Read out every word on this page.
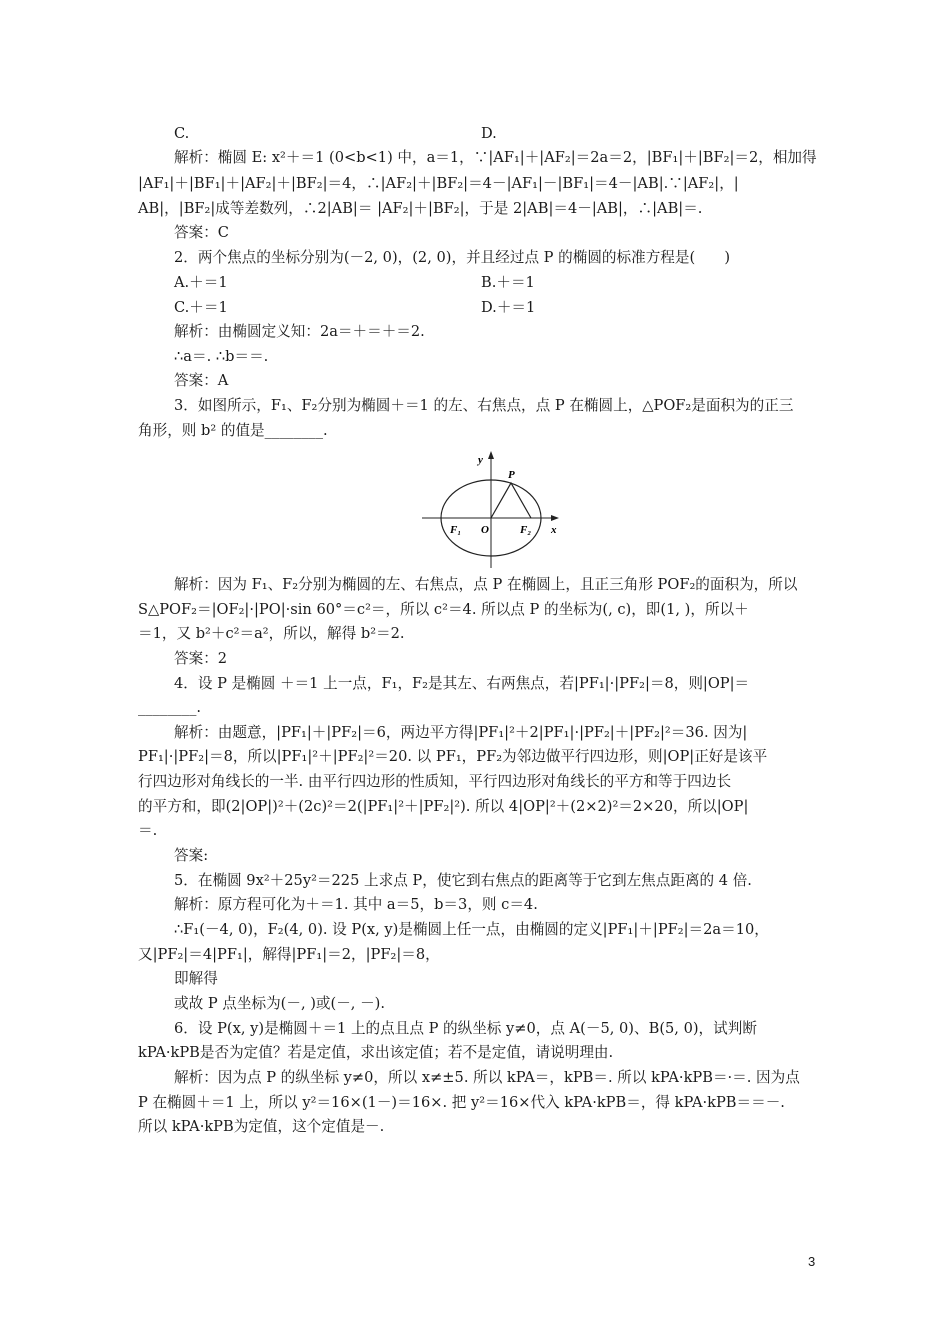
C.	D.
解析：椭圆 E: x²＋＝1 (0<b<1) 中，a＝1，∵|AF₁|＋|AF₂|＝2a＝2，|BF₁|＋|BF₂|＝2，相加得
|AF₁|＋|BF₁|＋|AF₂|＋|BF₂|＝4，∴|AF₂|＋|BF₂|＝4－|AF₁|－|BF₁|＝4－|AB|.∵|AF₂|，|
AB|，|BF₂|成等差数列，∴2|AB|＝ |AF₂|＋|BF₂|，于是 2|AB|＝4－|AB|，∴|AB|＝.
答案：C
2．两个焦点的坐标分别为(－2, 0)，(2, 0)，并且经过点 P 的椭圆的标准方程是(　　)
A.＋＝1	B.＋＝1
C.＋＝1	D.＋＝1
解析：由椭圆定义知：2a＝＋＝＋＝2.
∴a＝. ∴b＝＝.
答案：A
3．如图所示，F₁、F₂分别为椭圆＋＝1 的左、右焦点，点 P 在椭圆上，△POF₂是面积为的正三
角形，则 b² 的值是________.
y
P
F₁ O	F₂ x
解析：因为 F₁、F₂分别为椭圆的左、右焦点，点 P 在椭圆上，且正三角形 POF₂的面积为，所以
S△POF₂＝|OF₂|·|PO|·sin 60°＝c²＝，所以 c²＝4. 所以点 P 的坐标为(, c)，即(1, )，所以＋
＝1，又 b²＋c²＝a²，所以，解得 b²＝2.
答案：2
4．设 P 是椭圆 ＋＝1 上一点，F₁，F₂是其左、右两焦点，若|PF₁|·|PF₂|＝8，则|OP|＝
________.
解析：由题意，|PF₁|＋|PF₂|＝6，两边平方得|PF₁|²＋2|PF₁|·|PF₂|＋|PF₂|²＝36. 因为|
PF₁|·|PF₂|＝8，所以|PF₁|²＋|PF₂|²＝20. 以 PF₁，PF₂为邻边做平行四边形，则|OP|正好是该平
行四边形对角线长的一半. 由平行四边形的性质知，平行四边形对角线长的平方和等于四边长
的平方和，即(2|OP|)²＋(2c)²＝2(|PF₁|²＋|PF₂|²). 所以 4|OP|²＋(2×2)²＝2×20，所以|OP|
＝.
答案:
5．在椭圆 9x²＋25y²＝225 上求点 P，使它到右焦点的距离等于它到左焦点距离的 4 倍.
解析：原方程可化为＋＝1. 其中 a＝5，b＝3，则 c＝4.
∴F₁(－4, 0)，F₂(4, 0). 设 P(x, y)是椭圆上任一点，由椭圆的定义|PF₁|＋|PF₂|＝2a＝10，
又|PF₂|＝4|PF₁|，解得|PF₁|＝2，|PF₂|＝8，
即解得
或故 P 点坐标为(－, )或(－, －).
6．设 P(x, y)是椭圆＋＝1 上的点且点 P 的纵坐标 y≠0，点 A(－5, 0)、B(5, 0)，试判断
kPA·kPB是否为定值？若是定值，求出该定值；若不是定值，请说明理由.
解析：因为点 P 的纵坐标 y≠0，所以 x≠±5. 所以 kPA＝，kPB＝. 所以 kPA·kPB＝·＝. 因为点
P 在椭圆＋＝1 上，所以 y²＝16×(1－)＝16×. 把 y²＝16×代入 kPA·kPB＝，得 kPA·kPB＝＝－.
所以 kPA·kPB为定值，这个定值是－.
3
